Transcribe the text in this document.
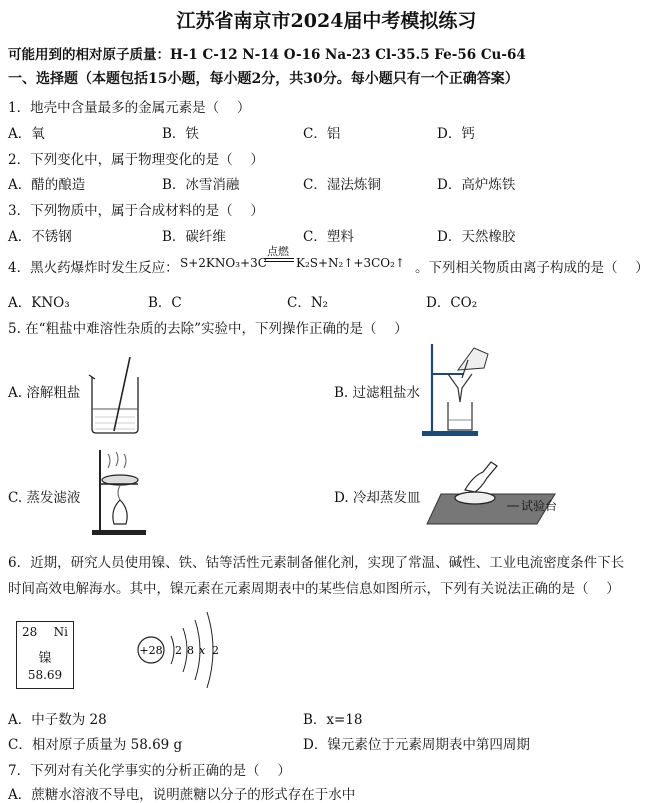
江苏省南京市2024届中考模拟练习
可能用到的相对原子质量：H-1 C-12 N-14 O-16 Na-23 Cl-35.5 Fe-56 Cu-64
一、选择题（本题包括15小题，每小题2分，共30分。每小题只有一个正确答案）
1．地壳中含量最多的金属元素是（　 ）
A．氧	B．铁	C．铝	D．钙
2．下列变化中，属于物理变化的是（　 ）
A．醋的酿造	B．冰雪消融	C．湿法炼铜	D．高炉炼铁
3．下列物质中，属于合成材料的是（　 ）
A．不锈钢	B．碳纤维	C．塑料	D．天然橡胶
4．黑火药爆炸时发生反应： S+2KNO₃+3C
点燃
K₂S+N₂↑+3CO₂↑ 。下列相关物质由离子构成的是（　 ）
A．KNO₃	B．C	C．N₂	D．CO₂
5. 在“粗盐中难溶性杂质的去除”实验中，下列操作正确的是（　 ）
A. 溶解粗盐	B. 过滤粗盐水
C. 蒸发滤液	D. 冷却蒸发皿	试验台
6．近期，研究人员使用镍、铁、钴等活性元素制备催化剂，实现了常温、碱性、工业电流密度条件下长
时间高效电解海水。其中，镍元素在元素周期表中的某些信息如图所示，下列有关说法正确的是（　 ）
28 Ni
镍
58.69
+28 2 8 x 2
A．中子数为 28	B．x=18
C．相对原子质量为 58.69 g	D．镍元素位于元素周期表中第四周期
7．下列对有关化学事实的分析正确的是（　 ）
A．蔗糖水溶液不导电，说明蔗糖以分子的形式存在于水中
